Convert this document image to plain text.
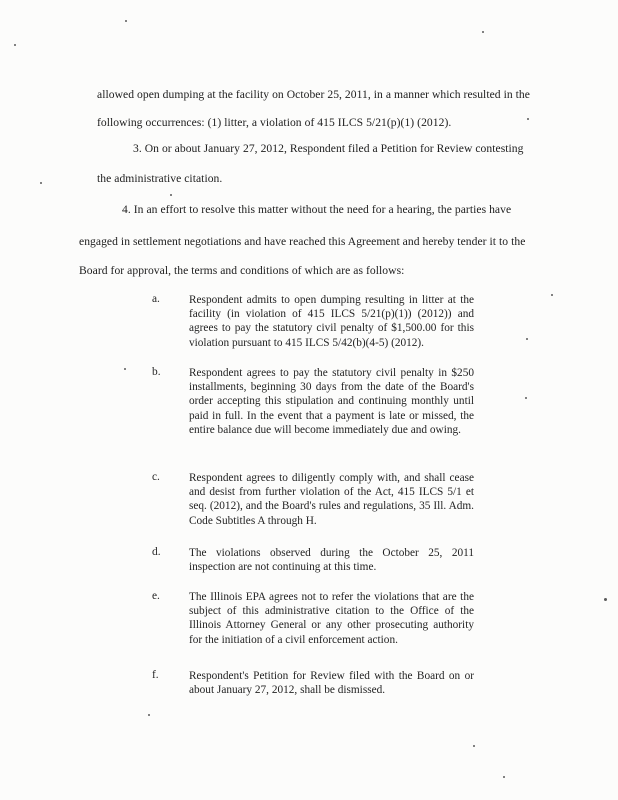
allowed open dumping at the facility on October 25, 2011, in a manner which resulted in the
following occurrences: (1) litter, a violation of 415 ILCS 5/21(p)(1) (2012).
3. On or about January 27, 2012, Respondent filed a Petition for Review contesting
the administrative citation.
4. In an effort to resolve this matter without the need for a hearing, the parties have
engaged in settlement negotiations and have reached this Agreement and hereby tender it to the
Board for approval, the terms and conditions of which are as follows:
a.	Respondent admits to open dumping resulting in litter at the facility (in violation of 415 ILCS 5/21(p)(1)) (2012)) and agrees to pay the statutory civil penalty of $1,500.00 for this violation pursuant to 415 ILCS 5/42(b)(4-5) (2012).
b.	Respondent agrees to pay the statutory civil penalty in $250 installments, beginning 30 days from the date of the Board's order accepting this stipulation and continuing monthly until paid in full. In the event that a payment is late or missed, the entire balance due will become immediately due and owing.
c.	Respondent agrees to diligently comply with, and shall cease and desist from further violation of the Act, 415 ILCS 5/1 et seq. (2012), and the Board's rules and regulations, 35 Ill. Adm. Code Subtitles A through H.
d.	The violations observed during the October 25, 2011 inspection are not continuing at this time.
e.	The Illinois EPA agrees not to refer the violations that are the subject of this administrative citation to the Office of the Illinois Attorney General or any other prosecuting authority for the initiation of a civil enforcement action.
f.	Respondent's Petition for Review filed with the Board on or about January 27, 2012, shall be dismissed.
